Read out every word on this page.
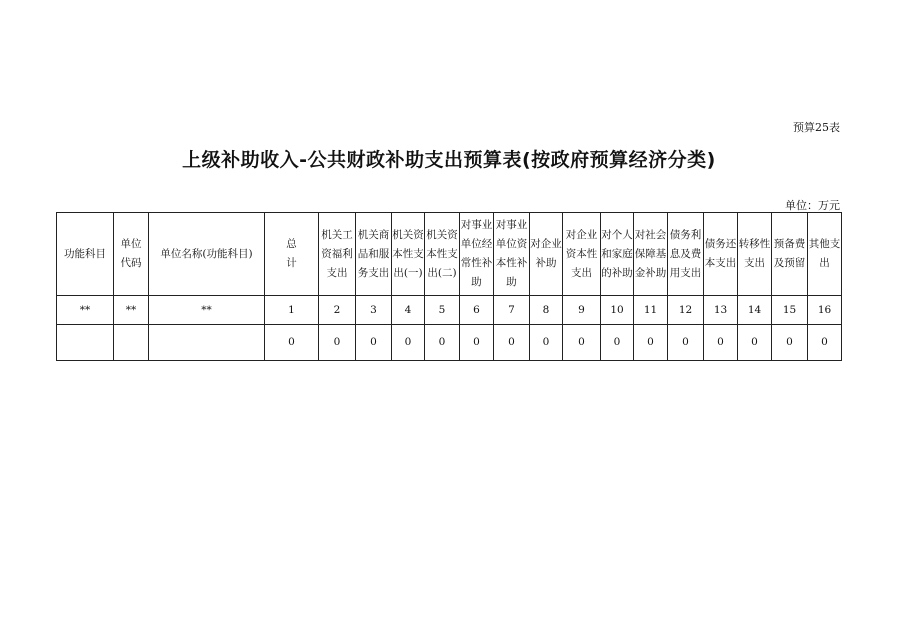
预算25表
上级补助收入-公共财政补助支出预算表(按政府预算经济分类)
单位：万元
功能科目	单位代码	单位名称(功能科目)	总计	机关工资福利支出	机关商品和服务支出	机关资本性支出(一)	机关资本性支出(二)	对事业单位经常性补助	对事业单位资本性补助	对企业补助	对企业资本性支出	对个人和家庭的补助	对社会保障基金补助	债务利息及费用支出	债务还本支出	转移性支出	预备费及预留	其他支出

**	**	**	1	2	3	4	5	6	7	8	9	10	11	12	13	14	15	16
			0	0	0	0	0	0	0	0	0	0	0	0	0	0	0	0
